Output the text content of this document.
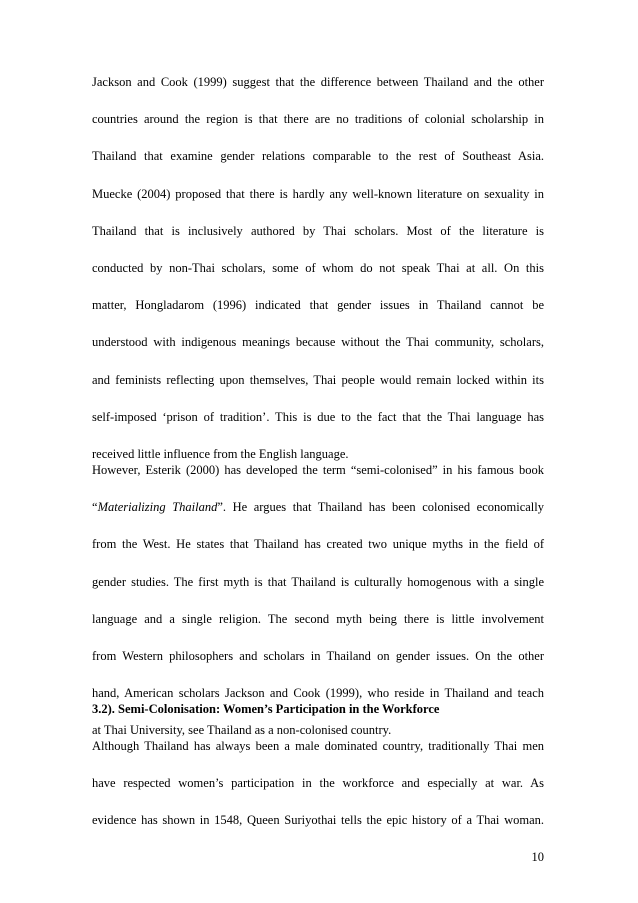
Jackson and Cook (1999) suggest that the difference between Thailand and the other
countries around the region is that there are no traditions of colonial scholarship in
Thailand that examine gender relations comparable to the rest of Southeast Asia.
Muecke (2004) proposed that there is hardly any well-known literature on sexuality in
Thailand that is inclusively authored by Thai scholars. Most of the literature is
conducted by non-Thai scholars, some of whom do not speak Thai at all. On this
matter, Hongladarom (1996) indicated that gender issues in Thailand cannot be
understood with indigenous meanings because without the Thai community, scholars,
and feminists reflecting upon themselves, Thai people would remain locked within its
self-imposed ‘prison of tradition’. This is due to the fact that the Thai language has
received little influence from the English language.
However, Esterik (2000) has developed the term “semi-colonised” in his famous book
“Materializing Thailand”. He argues that Thailand has been colonised economically
from the West. He states that Thailand has created two unique myths in the field of
gender studies. The first myth is that Thailand is culturally homogenous with a single
language and a single religion. The second myth being there is little involvement
from Western philosophers and scholars in Thailand on gender issues. On the other
hand, American scholars Jackson and Cook (1999), who reside in Thailand and teach
at Thai University, see Thailand as a non-colonised country.
3.2). Semi-Colonisation: Women’s Participation in the Workforce
Although Thailand has always been a male dominated country, traditionally Thai men
have respected women’s participation in the workforce and especially at war. As
evidence has shown in 1548, Queen Suriyothai tells the epic history of a Thai woman.
10
